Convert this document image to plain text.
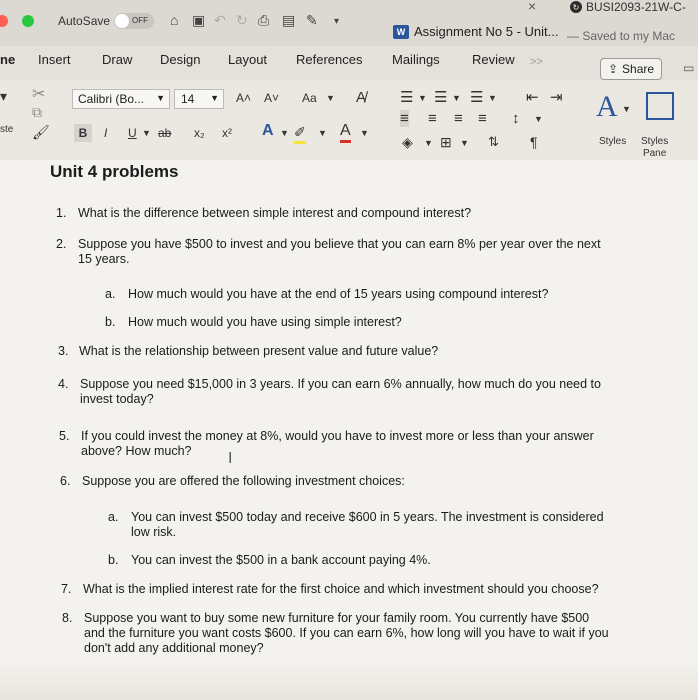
AutoSave	OFF ⌂ ▣ ↶ ↻ ⎙ ▤ ✎ ▾
×	↻ BUSI2093-21W-C-
W Assignment No 5 - Unit... — Saved to my Mac
ne Insert Draw Design Layout References Mailings Review >>	⇪ Share ▭
▾
ste
✂
⧉
🖌
Calibri (Bo... ▼ 14 ▼ A˄ A˅ Aa ▼ A̸
B	I U ▼ ab x₂ x² A ▼ ✐ ▼ A ▼
☰ ▼ ☰ ▼ ☰ ▼ ⇤ ⇥
≡ ≡ ≡ ≡ ↕ ▼
◈ ▼ ⊞ ▼ ⇅ ¶
A ▼
Styles Styles
Pane
Unit 4 problems
1. What is the difference between simple interest and compound interest?
2. Suppose you have $500 to invest and you believe that you can earn 8% per year over the next
15 years.
a. How much would you have at the end of 15 years using compound interest?
b. How much would you have using simple interest?
3. What is the relationship between present value and future value?
4. Suppose you need $15,000 in 3 years. If you can earn 6% annually, how much do you need to
invest today?
5. If you could invest the money at 8%, would you have to invest more or less than your answer
above? How much? I
6. Suppose you are offered the following investment choices:
a. You can invest $500 today and receive $600 in 5 years. The investment is considered
low risk.
b. You can invest the $500 in a bank account paying 4%.
7. What is the implied interest rate for the first choice and which investment should you choose?
8. Suppose you want to buy some new furniture for your family room. You currently have $500
and the furniture you want costs $600. If you can earn 6%, how long will you have to wait if you
don't add any additional money?
